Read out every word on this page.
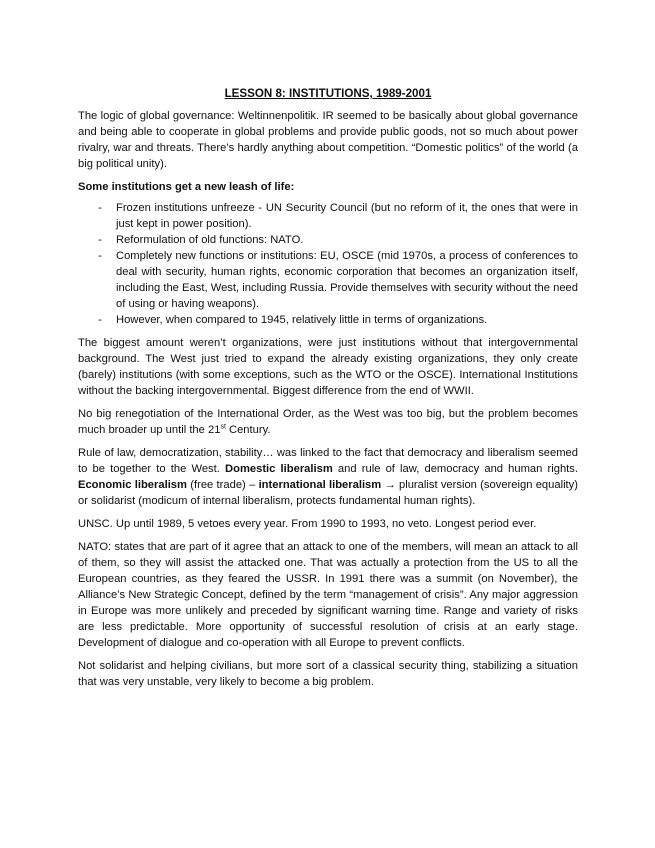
LESSON 8: INSTITUTIONS, 1989-2001

The logic of global governance: Weltinnenpolitik. IR seemed to be basically about global governance and being able to cooperate in global problems and provide public goods, not so much about power rivalry, war and threats. There’s hardly anything about competition. “Domestic politics” of the world (a big political unity).

Some institutions get a new leash of life:
- Frozen institutions unfreeze - UN Security Council (but no reform of it, the ones that were in just kept in power position).
- Reformulation of old functions: NATO.
- Completely new functions or institutions: EU, OSCE (mid 1970s, a process of conferences to deal with security, human rights, economic corporation that becomes an organization itself, including the East, West, including Russia. Provide themselves with security without the need of using or having weapons).
- However, when compared to 1945, relatively little in terms of organizations.

The biggest amount weren’t organizations, were just institutions without that intergovernmental background. The West just tried to expand the already existing organizations, they only create (barely) institutions (with some exceptions, such as the WTO or the OSCE). International Institutions without the backing intergovernmental. Biggest difference from the end of WWII.

No big renegotiation of the International Order, as the West was too big, but the problem becomes much broader up until the 21st Century.

Rule of law, democratization, stability… was linked to the fact that democracy and liberalism seemed to be together to the West. Domestic liberalism and rule of law, democracy and human rights. Economic liberalism (free trade) – international liberalism → pluralist version (sovereign equality) or solidarist (modicum of internal liberalism, protects fundamental human rights).

UNSC. Up until 1989, 5 vetoes every year. From 1990 to 1993, no veto. Longest period ever.

NATO: states that are part of it agree that an attack to one of the members, will mean an attack to all of them, so they will assist the attacked one. That was actually a protection from the US to all the European countries, as they feared the USSR. In 1991 there was a summit (on November), the Alliance’s New Strategic Concept, defined by the term “management of crisis”. Any major aggression in Europe was more unlikely and preceded by significant warning time. Range and variety of risks are less predictable. More opportunity of successful resolution of crisis at an early stage. Development of dialogue and co-operation with all Europe to prevent conflicts.

Not solidarist and helping civilians, but more sort of a classical security thing, stabilizing a situation that was very unstable, very likely to become a big problem.
